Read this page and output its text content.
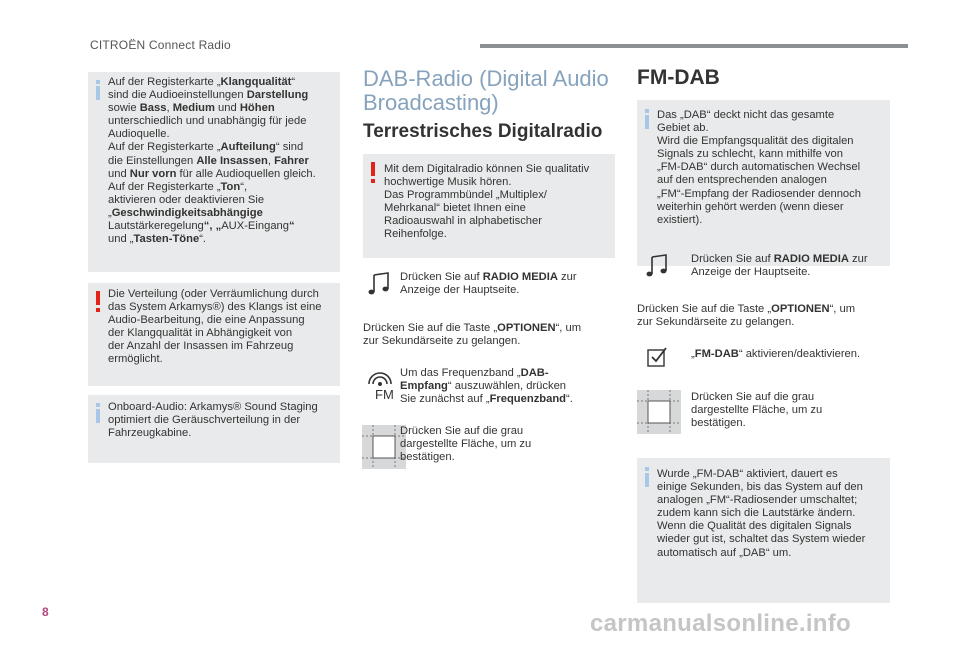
CITROËN Connect Radio
Auf der Registerkarte „Klangqualität“
sind die Audioeinstellungen Darstellung
sowie Bass, Medium und Höhen
unterschiedlich und unabhängig für jede
Audioquelle.
Auf der Registerkarte „Aufteilung“ sind
die Einstellungen Alle Insassen, Fahrer
und Nur vorn für alle Audioquellen gleich.
Auf der Registerkarte „Ton“,
aktivieren oder deaktivieren Sie
„Geschwindigkeitsabhängige
Lautstärkeregelung“, „AUX-Eingang“
und „Tasten-Töne“.
Die Verteilung (oder Verräumlichung durch
das System Arkamys®) des Klangs ist eine
Audio-Bearbeitung, die eine Anpassung
der Klangqualität in Abhängigkeit von
der Anzahl der Insassen im Fahrzeug
ermöglicht.
Onboard-Audio: Arkamys® Sound Staging
optimiert die Geräuschverteilung in der
Fahrzeugkabine.
DAB-Radio (Digital Audio
Broadcasting)
Terrestrisches Digitalradio
Mit dem Digitalradio können Sie qualitativ
hochwertige Musik hören.
Das Programmbündel „Multiplex/
Mehrkanal“ bietet Ihnen eine
Radioauswahl in alphabetischer
Reihenfolge.
Drücken Sie auf RADIO MEDIA zur
Anzeige der Hauptseite.
Drücken Sie auf die Taste „OPTIONEN“, um
zur Sekundärseite zu gelangen.
FM
Um das Frequenzband „DAB-
Empfang“ auszuwählen, drücken
Sie zunächst auf „Frequenzband“.
Drücken Sie auf die grau
dargestellte Fläche, um zu
bestätigen.
FM-DAB
Das „DAB“ deckt nicht das gesamte
Gebiet ab.
Wird die Empfangsqualität des digitalen
Signals zu schlecht, kann mithilfe von
„FM-DAB“ durch automatischen Wechsel
auf den entsprechenden analogen
„FM“-Empfang der Radiosender dennoch
weiterhin gehört werden (wenn dieser
existiert).
Drücken Sie auf RADIO MEDIA zur
Anzeige der Hauptseite.
Drücken Sie auf die Taste „OPTIONEN“, um
zur Sekundärseite zu gelangen.
„FM-DAB“ aktivieren/deaktivieren.
Drücken Sie auf die grau
dargestellte Fläche, um zu
bestätigen.
Wurde „FM-DAB“ aktiviert, dauert es
einige Sekunden, bis das System auf den
analogen „FM“-Radiosender umschaltet;
zudem kann sich die Lautstärke ändern.
Wenn die Qualität des digitalen Signals
wieder gut ist, schaltet das System wieder
automatisch auf „DAB“ um.
8	carmanualsonline.info
